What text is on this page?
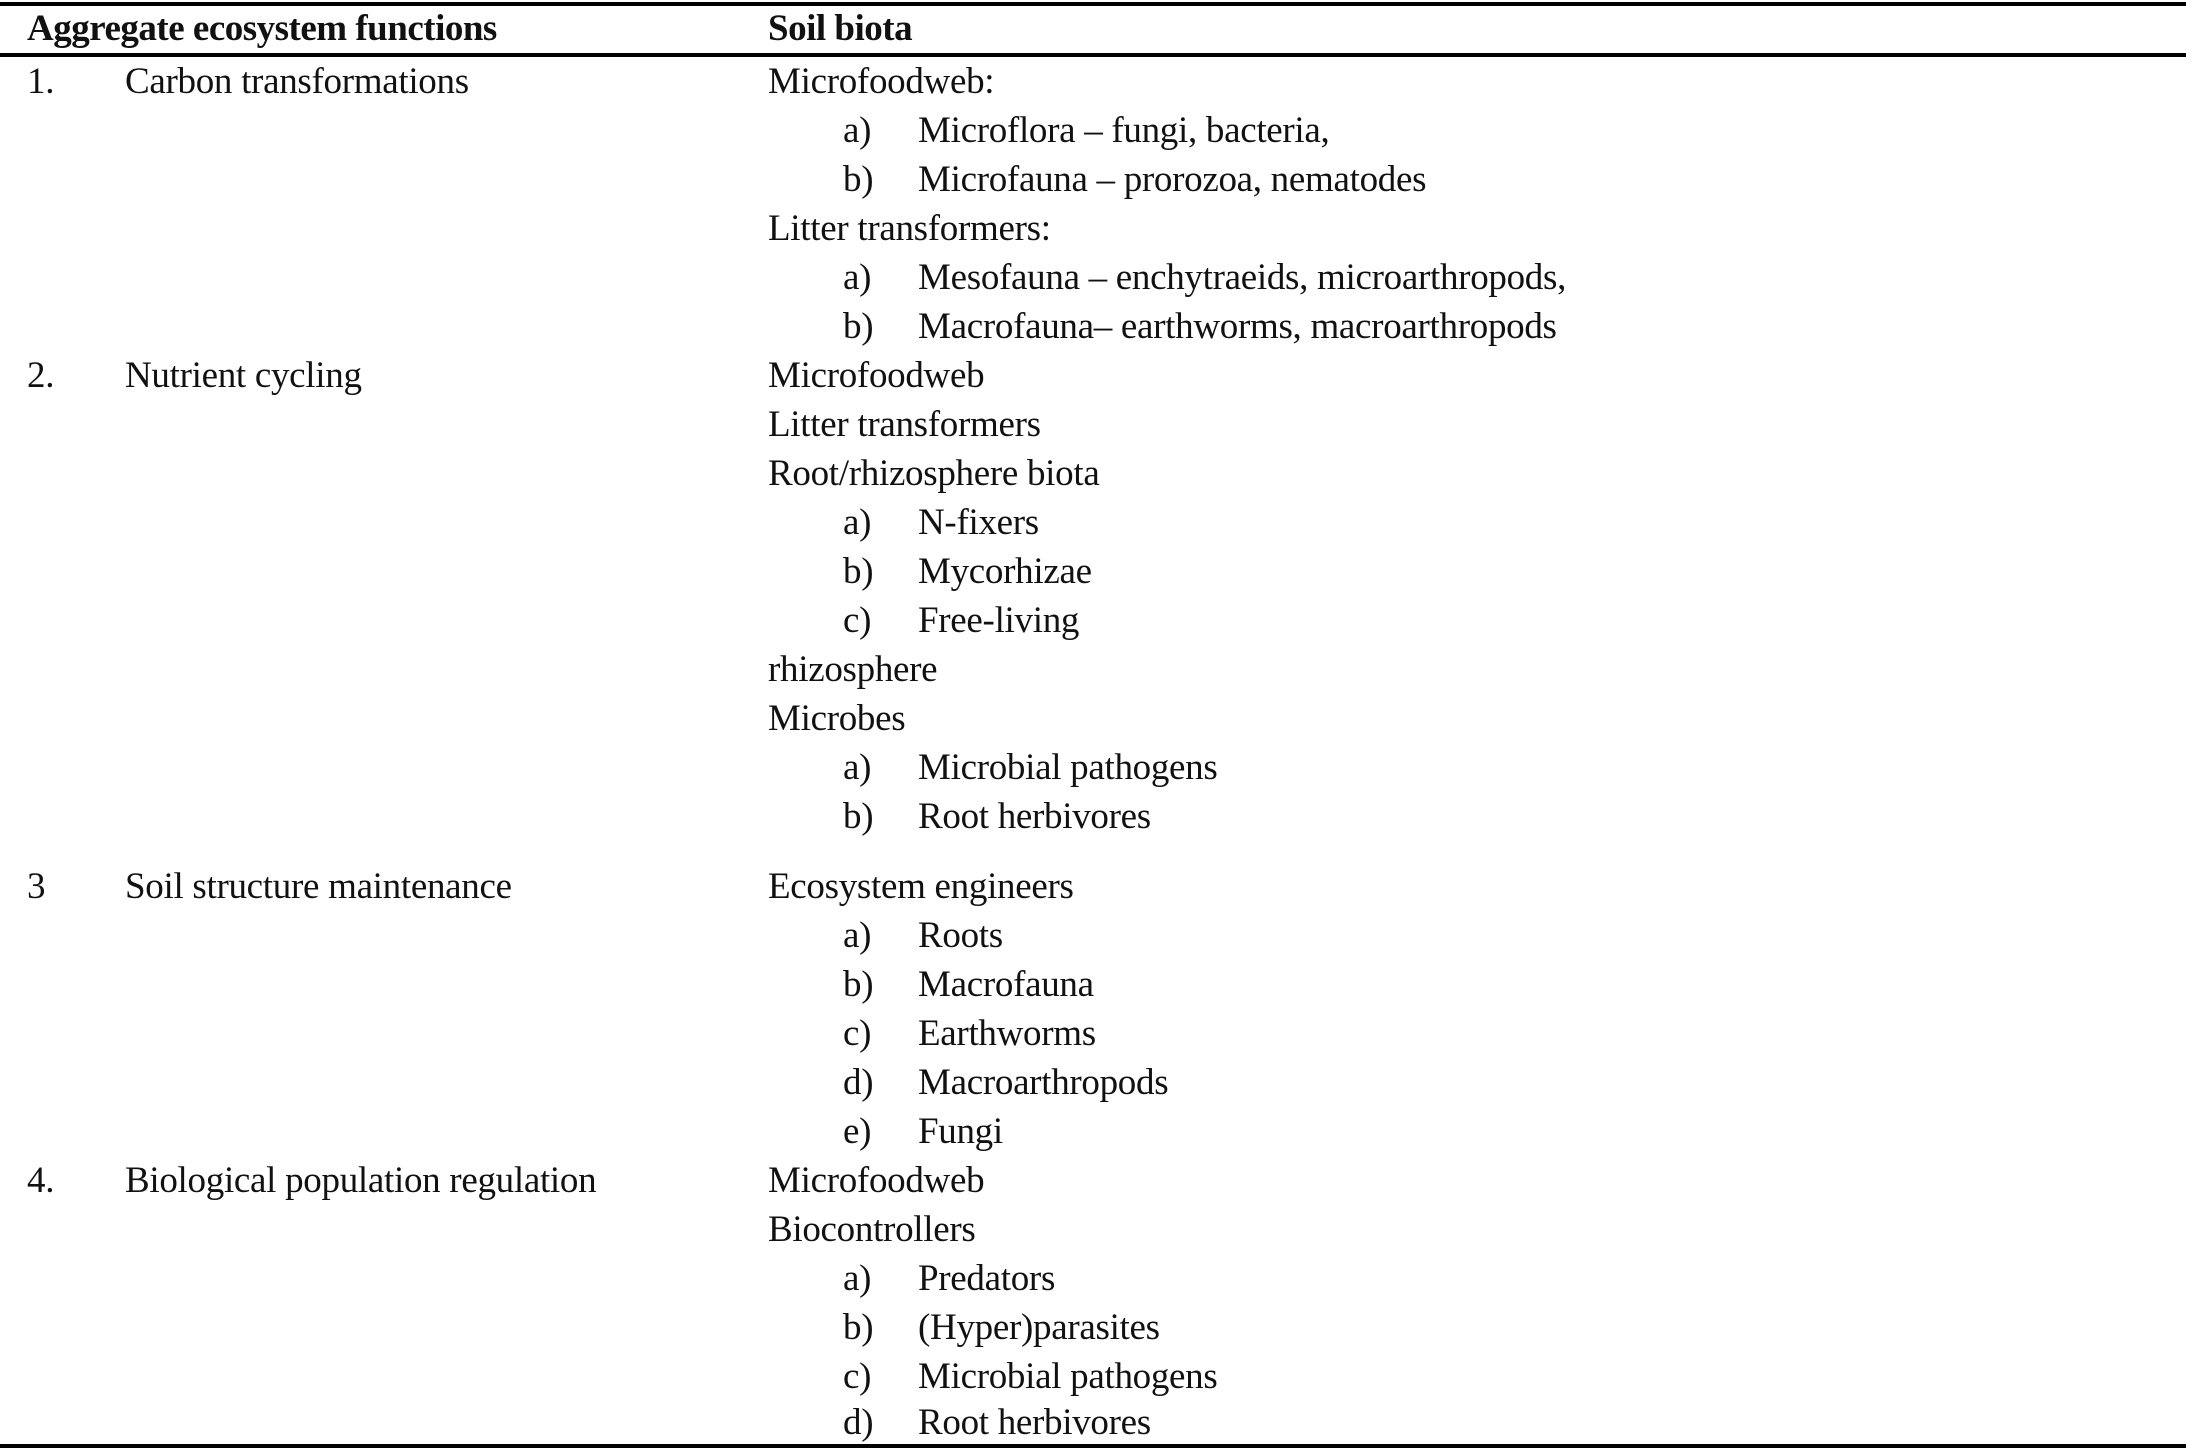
Aggregate ecosystem functions	Soil biota
1. Carbon transformations	Microfoodweb:
a) Microflora – fungi, bacteria,
b) Microfauna – prorozoa, nematodes
Litter transformers:
a) Mesofauna – enchytraeids, microarthropods,
b) Macrofauna– earthworms, macroarthropods
2. Nutrient cycling	Microfoodweb
Litter transformers
Root/rhizosphere biota
a) N-fixers
b) Mycorhizae
c) Free-living
rhizosphere
Microbes
a) Microbial pathogens
b) Root herbivores
3 Soil structure maintenance	Ecosystem engineers
a) Roots
b) Macrofauna
c) Earthworms
d) Macroarthropods
e) Fungi
4. Biological population regulation	Microfoodweb
Biocontrollers
a) Predators
b) (Hyper)parasites
c) Microbial pathogens
d) Root herbivores
